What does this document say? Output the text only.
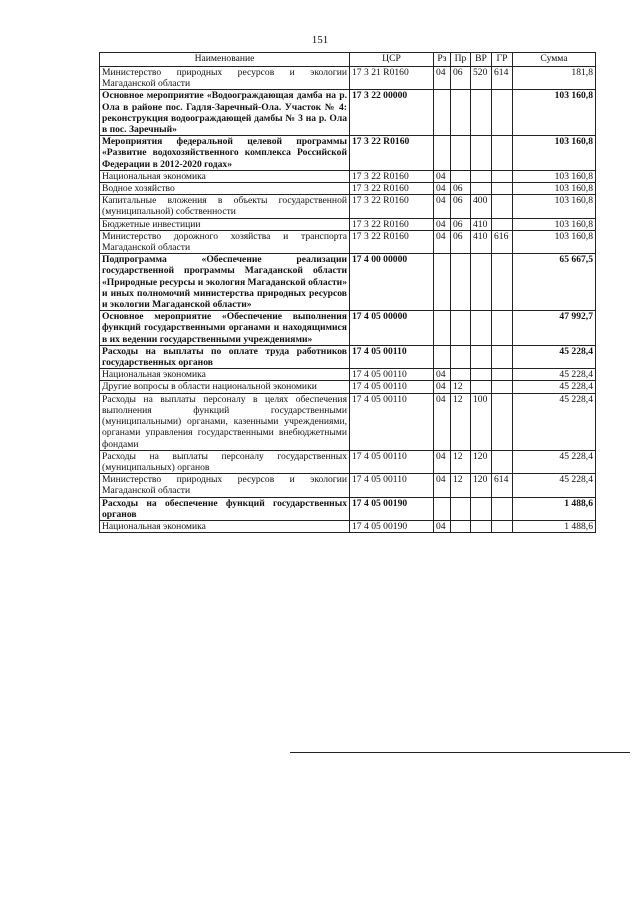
151
Наименование	ЦСР	Рз	Пр	ВР	ГР	Сумма
Министерство природных ресурсов и экологии Магаданской области	17 3 21 R0160	04	06	520	614	181,8
Основное мероприятие «Водоограждающая дамба на р. Ола в районе пос. Гадля-Заречный-Ола. Участок № 4: реконструкция водоограждающей дамбы № 3 на р. Ола в пос. Заречный»	17 3 22 00000					103 160,8
Мероприятия федеральной целевой программы «Развитие водохозяйственного комплекса Российской Федерации в 2012-2020 годах»	17 3 22 R0160					103 160,8
Национальная экономика	17 3 22 R0160	04				103 160,8
Водное хозяйство	17 3 22 R0160	04	06			103 160,8
Капитальные вложения в объекты государственной (муниципальной) собственности	17 3 22 R0160	04	06	400		103 160,8
Бюджетные инвестиции	17 3 22 R0160	04	06	410		103 160,8
Министерство дорожного хозяйства и транспорта Магаданской области	17 3 22 R0160	04	06	410	616	103 160,8
Подпрограмма «Обеспечение реализации государственной программы Магаданской области «Природные ресурсы и экология Магаданской области» и иных полномочий министерства природных ресурсов и экологии Магаданской области»	17 4 00 00000					65 667,5
Основное мероприятие «Обеспечение выполнения функций государственными органами и находящимися в их ведении государственными учреждениями»	17 4 05 00000					47 992,7
Расходы на выплаты по оплате труда работников государственных органов	17 4 05 00110					45 228,4
Национальная экономика	17 4 05 00110	04				45 228,4
Другие вопросы в области национальной экономики	17 4 05 00110	04	12			45 228,4
Расходы на выплаты персоналу в целях обеспечения выполнения функций государственными (муниципальными) органами, казенными учреждениями, органами управления государственными внебюджетными фондами	17 4 05 00110	04	12	100		45 228,4
Расходы на выплаты персоналу государственных (муниципальных) органов	17 4 05 00110	04	12	120		45 228,4
Министерство природных ресурсов и экологии Магаданской области	17 4 05 00110	04	12	120	614	45 228,4
Расходы на обеспечение функций государственных органов	17 4 05 00190					1 488,6
Национальная экономика	17 4 05 00190	04				1 488,6
